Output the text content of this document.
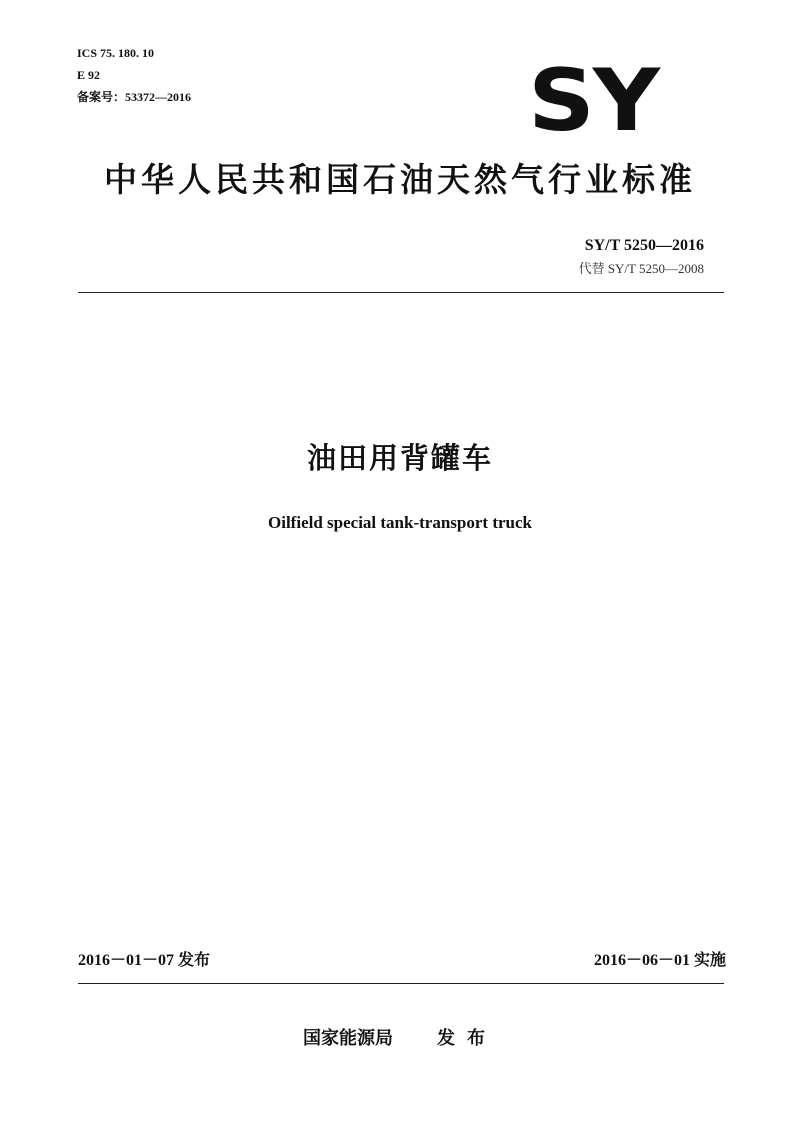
ICS 75. 180. 10
E 92
备案号：53372—2016	SY
中华人民共和国石油天然气行业标准
SY/T 5250—2016
代替 SY/T 5250—2008
油田用背罐车
Oilfield special tank-transport truck
2016－01－07 发布	2016－06－01 实施
国家能源局 发布
